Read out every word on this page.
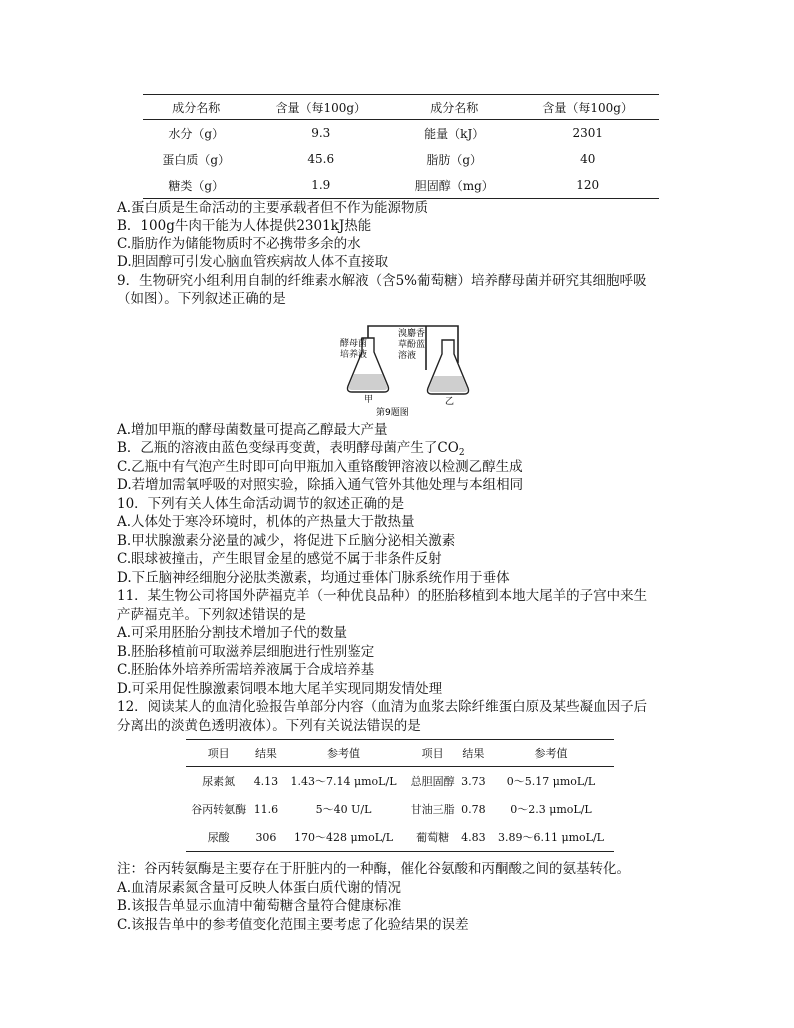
成分名称	含量（每100g）	成分名称	含量（每100g）
水分（g）	9.3	能量（kJ）	2301
蛋白质（g）	45.6	脂肪（g）	40
糖类（g）	1.9	胆固醇（mg）	120
A.蛋白质是生命活动的主要承载者但不作为能源物质
B．100g牛肉干能为人体提供2301kJ热能
C.脂肪作为储能物质时不必携带多余的水
D.胆固醇可引发心脑血管疾病故人体不直接取
9．生物研究小组利用自制的纤维素水解液（含5%葡萄糖）培养酵母菌并研究其细胞呼吸
（如图）。下列叙述正确的是
酵母菌
培养液
溴麝香
草酚蓝
溶液
甲	乙
第9题图
A.增加甲瓶的酵母菌数量可提高乙醇最大产量
B．乙瓶的溶液由蓝色变绿再变黄，表明酵母菌产生了$CO_2$
C.乙瓶中有气泡产生时即可向甲瓶加入重铬酸钾溶液以检测乙醇生成
D.若增加需氧呼吸的对照实验，除插入通气管外其他处理与本组相同
10．下列有关人体生命活动调节的叙述正确的是
A.人体处于寒冷环境时，机体的产热量大于散热量
B.甲状腺激素分泌量的减少，将促进下丘脑分泌相关激素
C.眼球被撞击，产生眼冒金星的感觉不属于非条件反射
D.下丘脑神经细胞分泌肽类激素，均通过垂体门脉系统作用于垂体
11．某生物公司将国外萨福克羊（一种优良品种）的胚胎移植到本地大尾羊的子宫中来生
产萨福克羊。下列叙述错误的是
A.可采用胚胎分割技术增加子代的数量
B.胚胎移植前可取滋养层细胞进行性别鉴定
C.胚胎体外培养所需培养液属于合成培养基
D.可采用促性腺激素饲喂本地大尾羊实现同期发情处理
12．阅读某人的血清化验报告单部分内容（血清为血浆去除纤维蛋白原及某些凝血因子后
分离出的淡黄色透明液体）。下列有关说法错误的是
项目	结果	参考值	项目	结果	参考值
尿素氮	4.13	1.43～7.14 μmoL/L	总胆固醇	3.73	0～5.17 μmoL/L
谷丙转氨酶	11.6	5～40 U/L	甘油三脂	0.78	0～2.3 μmoL/L
尿酸	306	170～428 μmoL/L	葡萄糖	4.83	3.89～6.11 μmoL/L
注：谷丙转氨酶是主要存在于肝脏内的一种酶，催化谷氨酸和丙酮酸之间的氨基转化。
A.血清尿素氮含量可反映人体蛋白质代谢的情况
B.该报告单显示血清中葡萄糖含量符合健康标准
C.该报告单中的参考值变化范围主要考虑了化验结果的误差
